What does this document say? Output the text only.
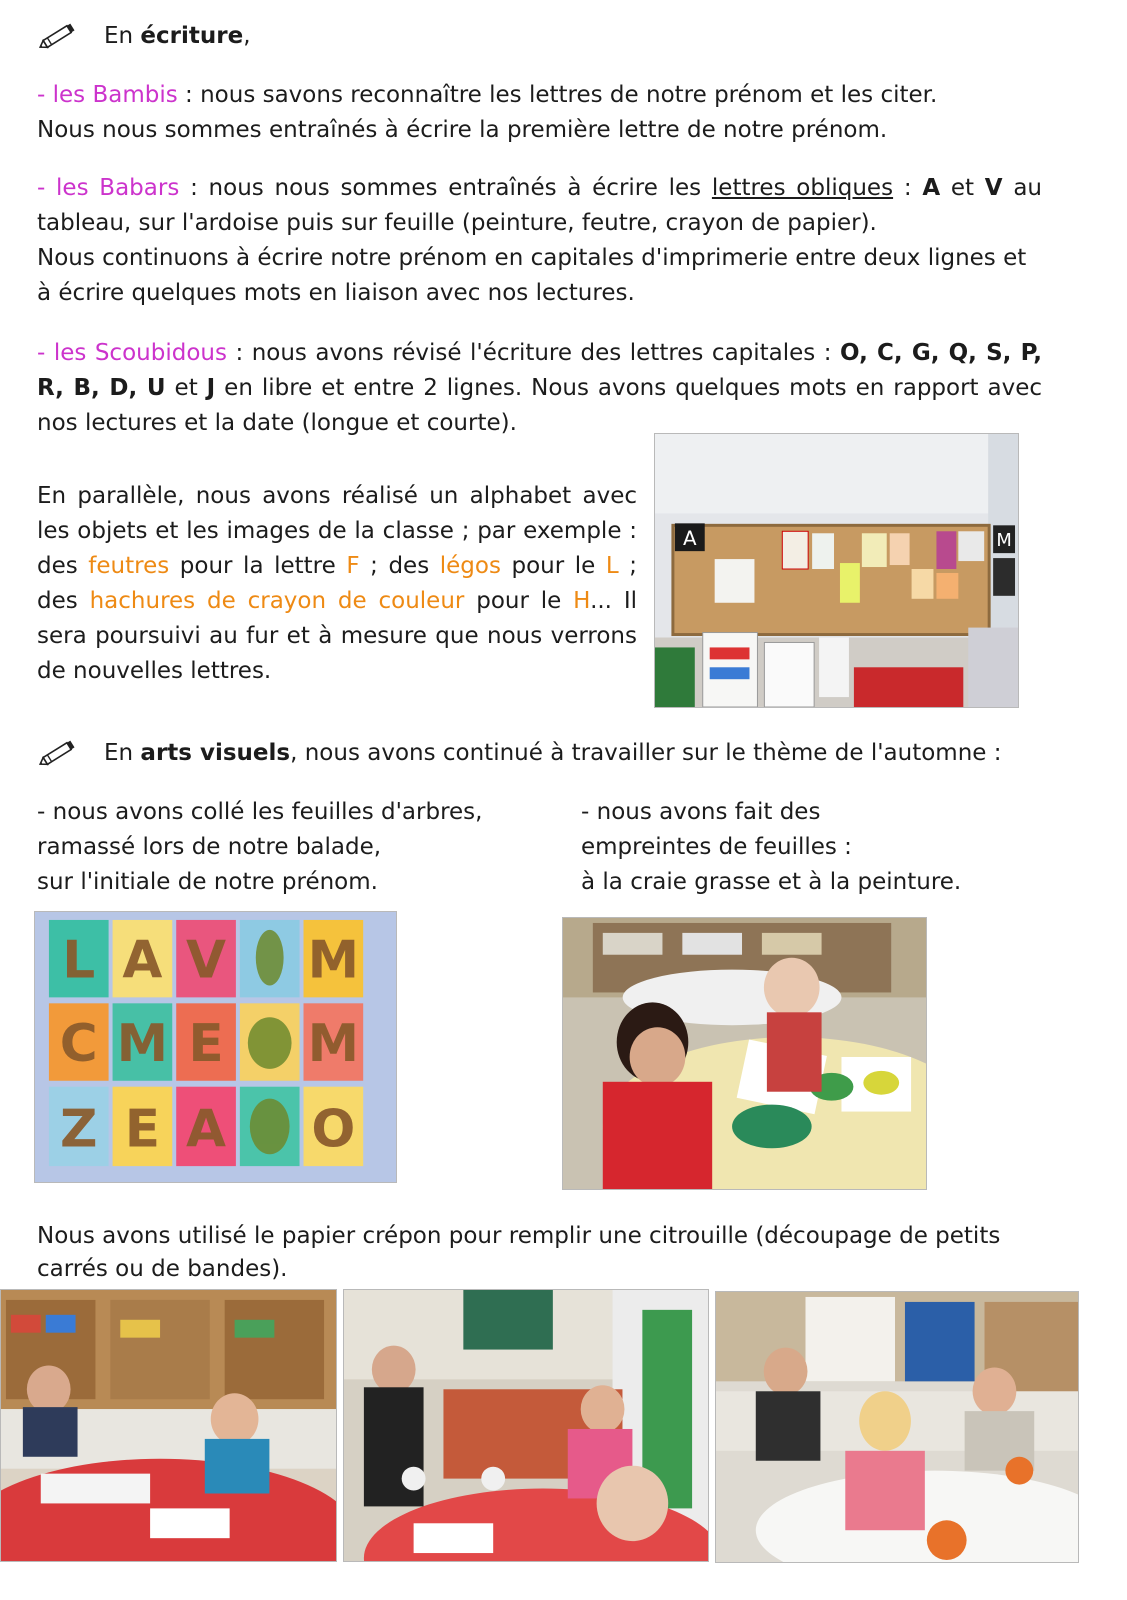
En écriture,
- les Bambis : nous savons reconnaître les lettres de notre prénom et les citer.
Nous nous sommes entraînés à écrire la première lettre de notre prénom.
- les Babars : nous nous sommes entraînés à écrire les lettres obliques : A et V au tableau, sur l'ardoise puis sur feuille (peinture, feutre, crayon de papier).
Nous continuons à écrire notre prénom en capitales d'imprimerie entre deux lignes et à écrire quelques mots en liaison avec nos lectures.
- les Scoubidous : nous avons révisé l'écriture des lettres capitales : O, C, G, Q, S, P, R, B, D, U et J en libre et entre 2 lignes. Nous avons quelques mots en rapport avec nos lectures et la date (longue et courte).
En parallèle, nous avons réalisé un alphabet avec les objets et les images de la classe ; par exemple : des feutres pour la lettre F ; des légos pour le L ; des hachures de crayon de couleur pour le H... Il sera poursuivi au fur et à mesure que nous verrons de nouvelles lettres.
A	M
En arts visuels, nous avons continué à travailler sur le thème de l'automne :
- nous avons collé les feuilles d'arbres,
ramassé lors de notre balade,
sur l'initiale de notre prénom.
- nous avons fait des
empreintes de feuilles :
à la craie grasse et à la peinture.
L A V M
C M E M
Z E A O
Nous avons utilisé le papier crépon pour remplir une citrouille (découpage de petits carrés ou de bandes).
